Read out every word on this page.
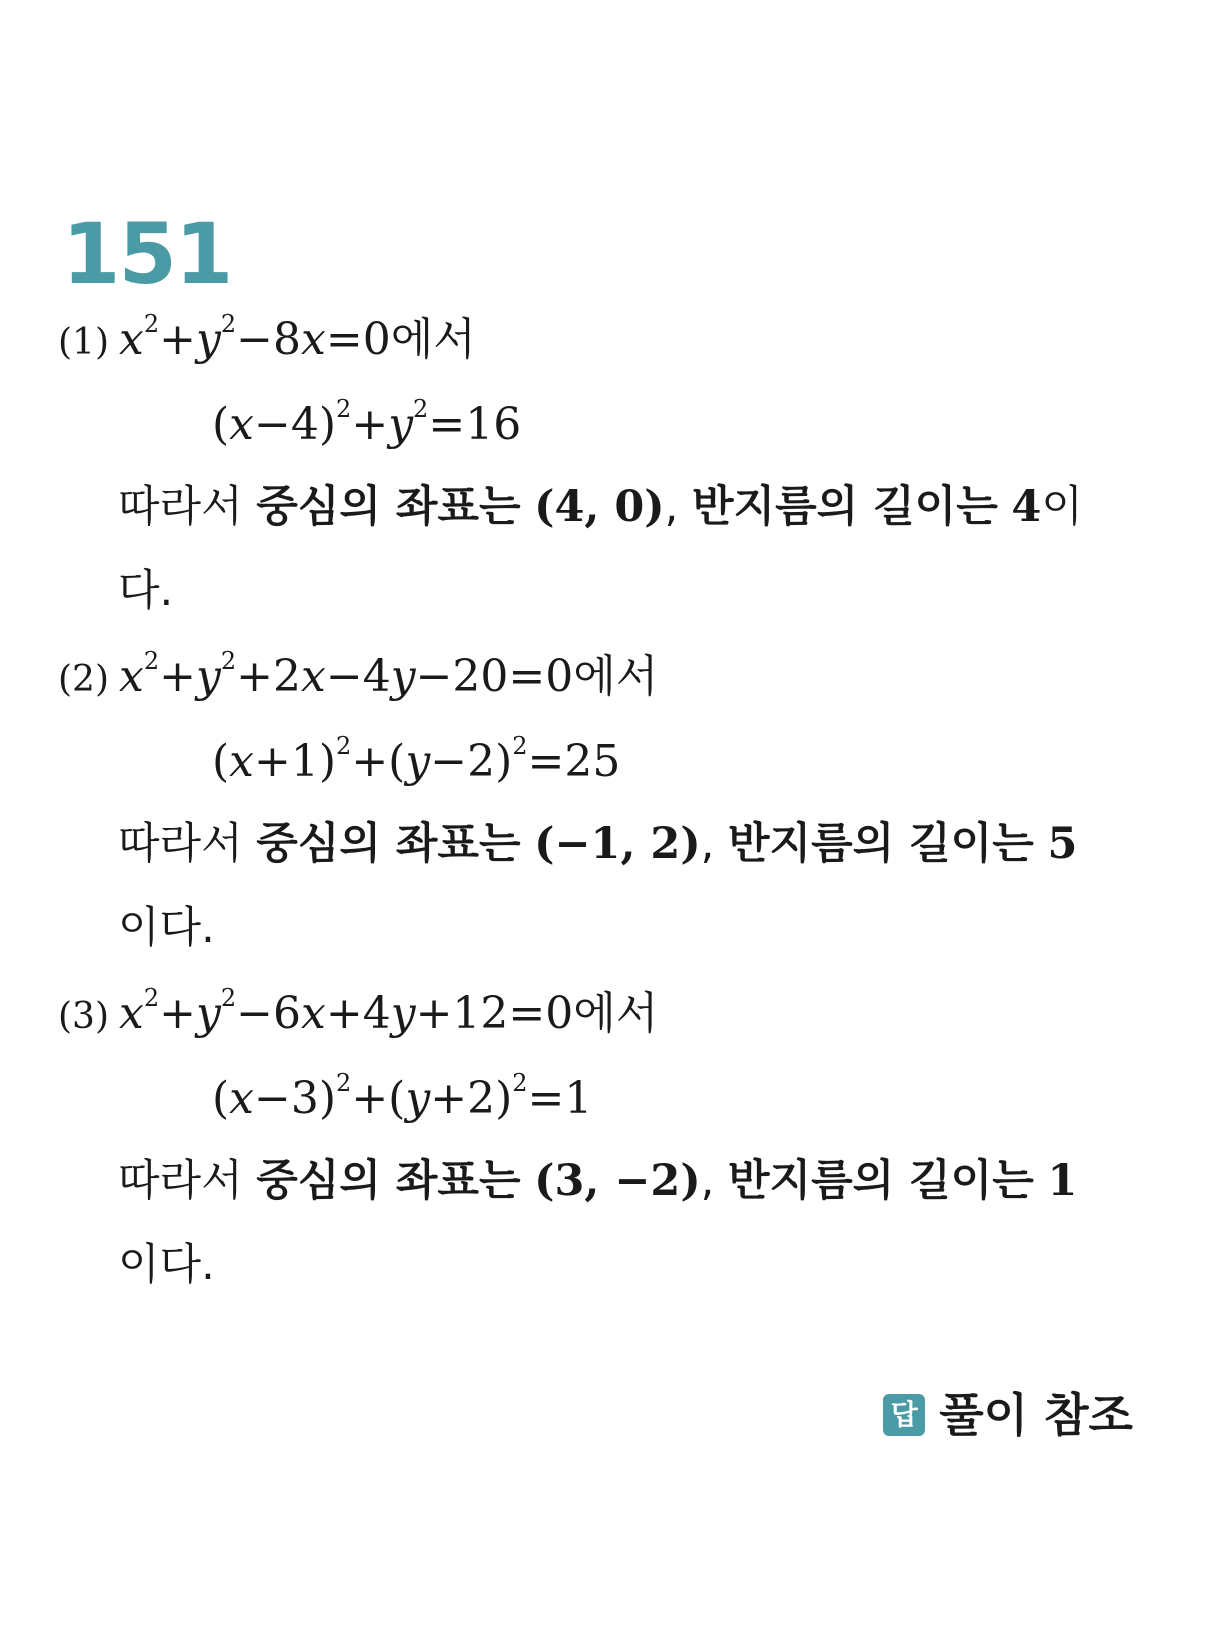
151
(1) $x^2+y^2-8x=0$에서
$(x-4)^2+y^2=16$
따라서 중심의 좌표는 (4, 0), 반지름의 길이는 4이
다.
(2) $x^2+y^2+2x-4y-20=0$에서
$(x+1)^2+(y-2)^2=25$
따라서 중심의 좌표는 (−1, 2), 반지름의 길이는 5
이다.
(3) $x^2+y^2-6x+4y+12=0$에서
$(x-3)^2+(y+2)^2=1$
따라서 중심의 좌표는 (3, −2), 반지름의 길이는 1
이다.
답 풀이 참조
